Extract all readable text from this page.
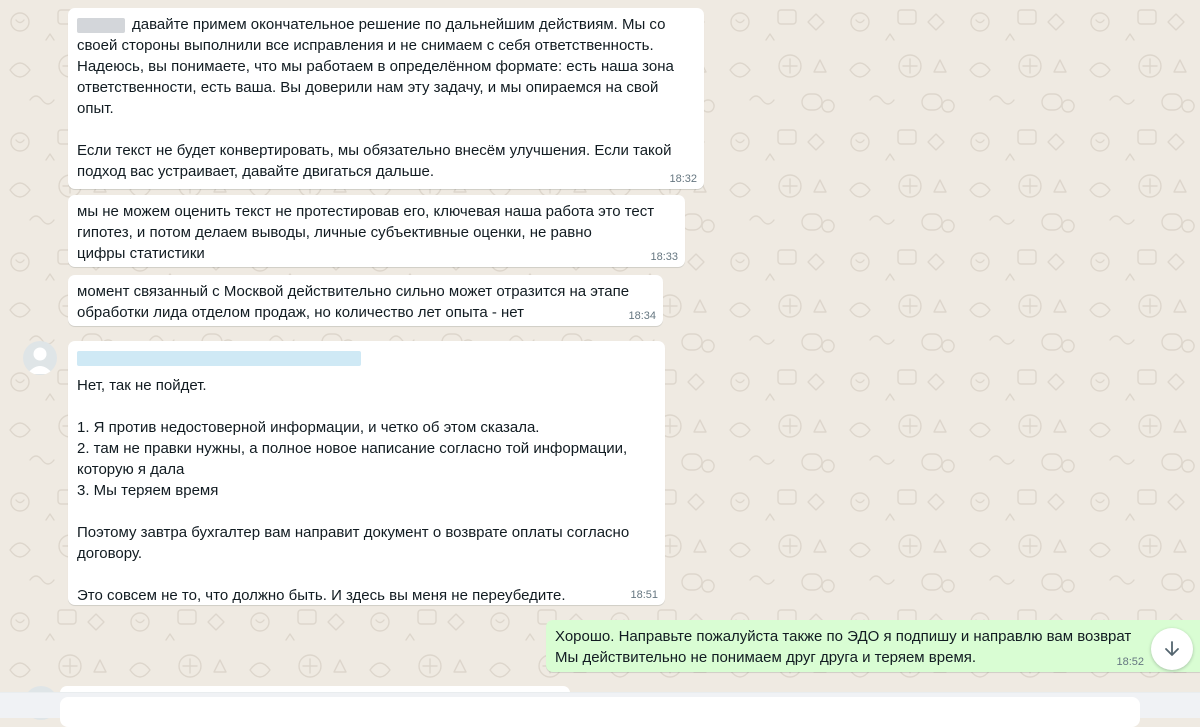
давайте примем окончательное решение по дальнейшим действиям. Мы со
своей стороны выполнили все исправления и не снимаем с себя ответственность.
Надеюсь, вы понимаете, что мы работаем в определённом формате: есть наша зона
ответственности, есть ваша. Вы доверили нам эту задачу, и мы опираемся на свой
опыт.

Если текст не будет конвертировать, мы обязательно внесём улучшения. Если такой
подход вас устраивает, давайте двигаться дальше.	18:32

мы не можем оценить текст не протестировав его, ключевая наша работа это тест
гипотез, и потом делаем выводы, личные субъективные оценки, не равно
цифры статистики	18:33

момент связанный с Москвой действительно сильно может отразится на этапе
обработки лида отделом продаж, но количество лет опыта - нет	18:34

Нет, так не пойдет.

1. Я против недостоверной информации, и четко об этом сказала.
2. там не правки нужны, а полное новое написание согласно той информации,
которую я дала
3. Мы теряем время

Поэтому завтра бухгалтер вам направит документ о возврате оплаты согласно
договору.

Это совсем не то, что должно быть. И здесь вы меня не переубедите.	18:51

Хорошо. Направьте пожалуйста также по ЭДО я подпишу и направлю вам возврат
Мы действительно не понимаем друг друга и теряем время.	18:52
